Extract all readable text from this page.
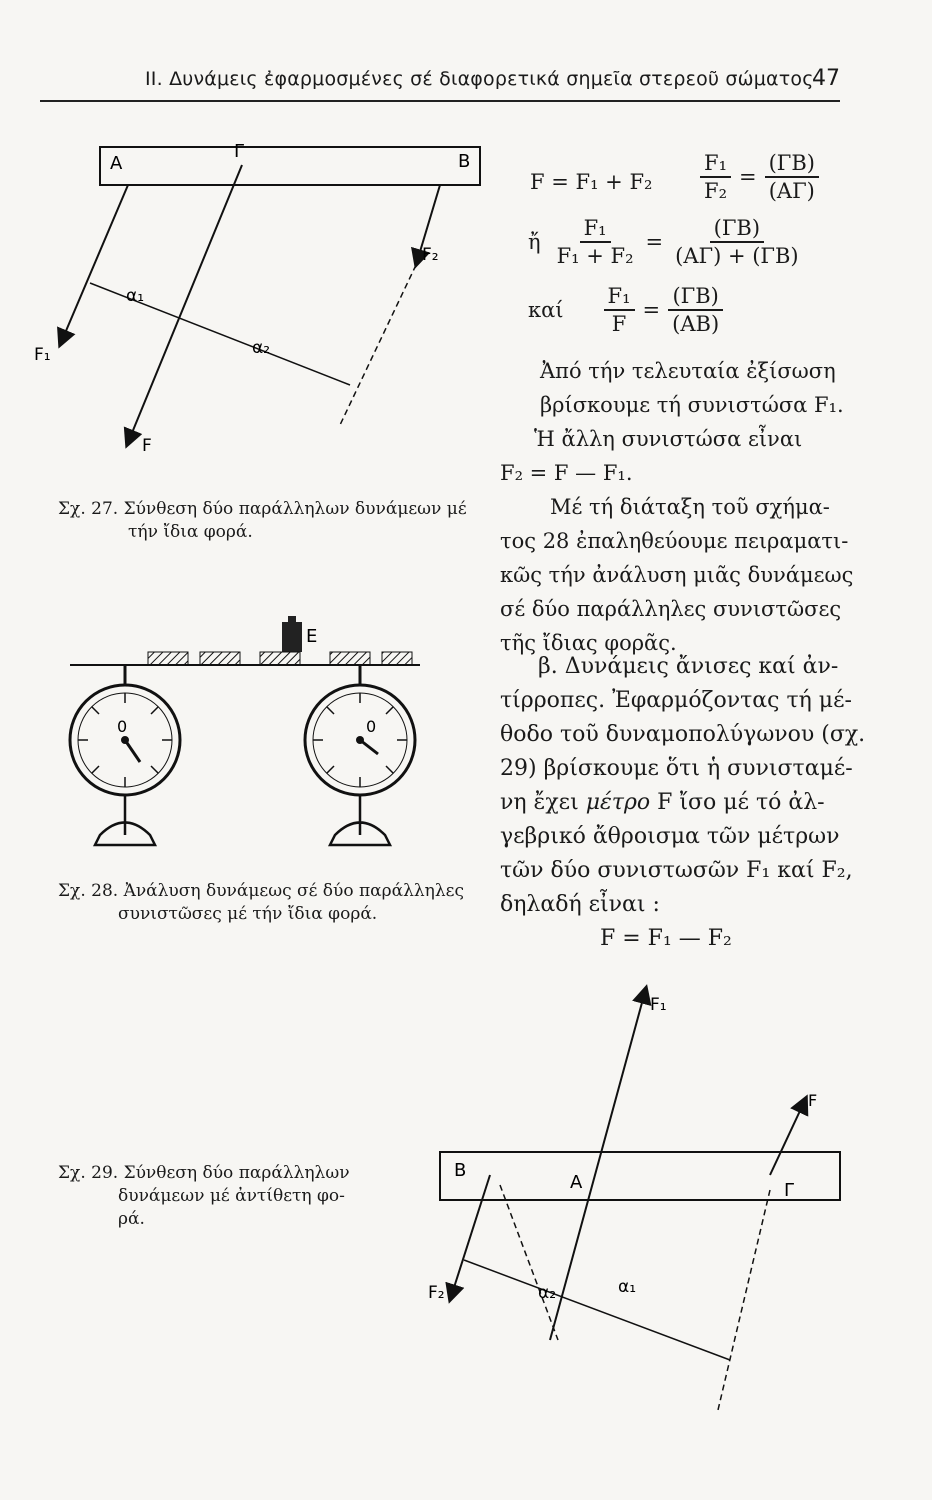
II. Δυνάμεις ἐφαρμοσμένες σέ διαφορετικά σημεῖα στερεοῦ σώματος
47
Α
Γ	Β
F₁
F
F₂
α₁
α₂
$F = F_1 + F_2 \frac{\text{F₁}}{\text{F₂}} = \frac{(\Gamma B)}{(A\Gamma)}$
ἤ $\frac{\text{F₁}}{\text{F₁ + F₂}} = \frac{(\Gamma B)}{(A\Gamma) + (\Gamma B)}$
καί $\frac{\text{F₁}}{F} = \frac{(\Gamma B)}{(AB)}$
Ἀπό τήν τελευταία ἐξίσωση
βρίσκουμε τή συνιστώσα F₁.
Ἡ ἄλλη συνιστώσα εἶναι
F₂ = F — F₁.
Μέ τή διάταξη τοῦ σχήμα-
τος 28 ἐπαληθεύουμε πειραματι-
κῶς τήν ἀνάλυση μιᾶς δυνάμεως
σέ δύο παράλληλες συνιστῶσες
τῆς ἴδιας φορᾶς.
β. Δυνάμεις ἄνισες καί ἀν-
τίρροπες. Ἐφαρμόζοντας τή μέ-
θοδο τοῦ δυναμοπολύγωνου (σχ.
29) βρίσκουμε ὅτι ἡ συνισταμέ-
νη ἔχει μέτρο F ἴσο μέ τό ἀλ-
γεβρικό ἄθροισμα τῶν μέτρων
τῶν δύο συνιστωσῶν F₁ καί F₂,
δηλαδή εἶναι :
F = F₁ — F₂
Σχ. 27. Σύνθεση δύο παράλληλων δυνάμεων μέ
τήν ἴδια φορά.
E
0	0
Σχ. 28. Ἀνάλυση δυνάμεως σέ δύο παράλληλες
συνιστῶσες μέ τήν ἴδια φορά.
Σχ. 29. Σύνθεση δύο παράλληλων
δυνάμεων μέ ἀντίθετη φο-
ρά.
F₁
F
B
A	Γ
F₂	α₁
α₂
